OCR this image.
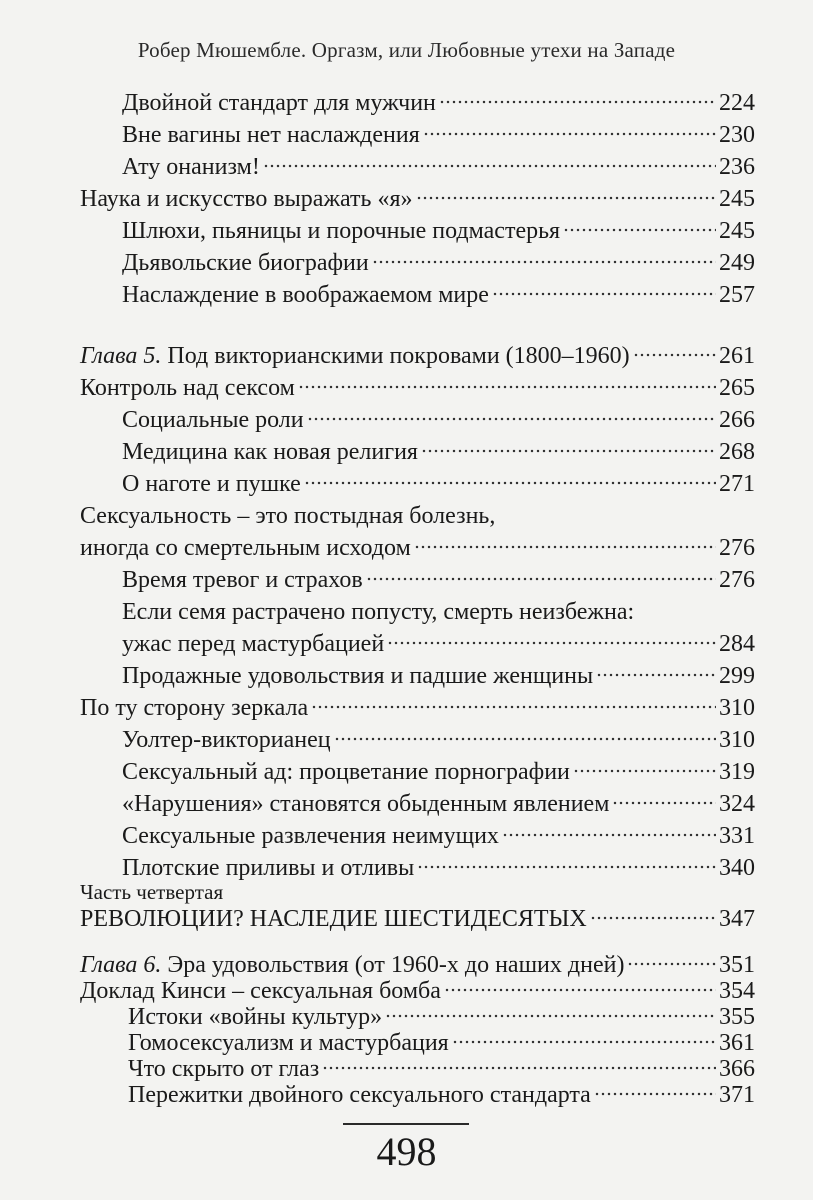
Робер Мюшембле. Оргазм, или Любовные утехи на Западе
Двойной стандарт для мужчин	224
Вне вагины нет наслаждения	230
Ату онанизм!	236
Наука и искусство выражать «я»	245
Шлюхи, пьяницы и порочные подмастерья	245
Дьявольские биографии	249
Наслаждение в воображаемом мире	257
Глава 5. Под викторианскими покровами (1800–1960)	261
Контроль над сексом	265
Социальные роли	266
Медицина как новая религия	268
О наготе и пушке	271
Сексуальность – это постыдная болезнь,
иногда со смертельным исходом	276
Время тревог и страхов	276
Если семя растрачено попусту, смерть неизбежна:
ужас перед мастурбацией	284
Продажные удовольствия и падшие женщины	299
По ту сторону зеркала	310
Уолтер-викторианец	310
Сексуальный ад: процветание порнографии	319
«Нарушения» становятся обыденным явлением	324
Сексуальные развлечения неимущих	331
Плотские приливы и отливы	340
Часть четвертая
РЕВОЛЮЦИИ? НАСЛЕДИЕ ШЕСТИДЕСЯТЫХ	347
Глава 6. Эра удовольствия (от 1960-х до наших дней)	351
Доклад Кинси – сексуальная бомба	354
Истоки «войны культур»	355
Гомосексуализм и мастурбация	361
Что скрыто от глаз	366
Пережитки двойного сексуального стандарта	371
498
